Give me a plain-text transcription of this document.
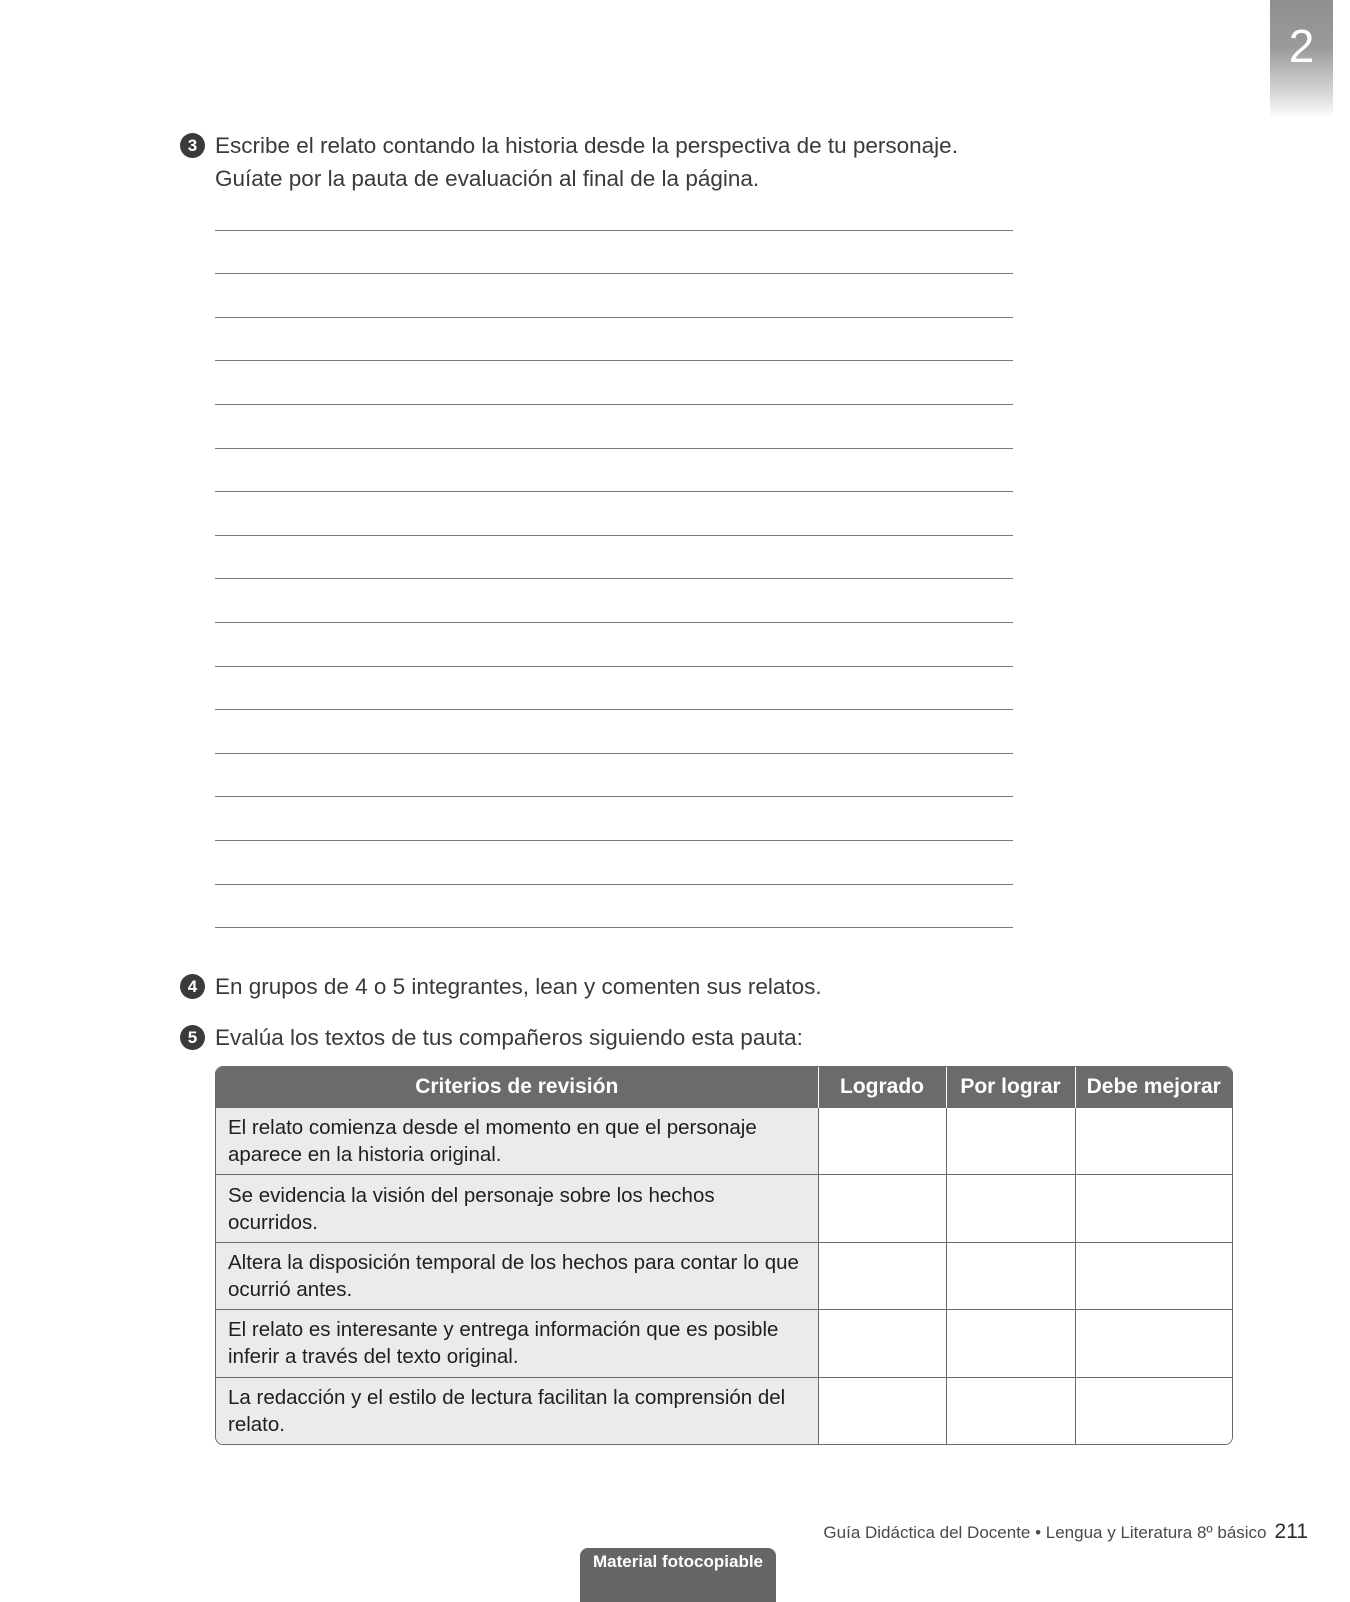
2
3 Escribe el relato contando la historia desde la perspectiva de tu personaje. Guíate por la pauta de evaluación al final de la página.
4 En grupos de 4 o 5 integrantes, lean y comenten sus relatos.
5 Evalúa los textos de tus compañeros siguiendo esta pauta:
Criterios de revisión	Logrado	Por lograr	Debe mejorar
El relato comienza desde el momento en que el personaje aparece en la historia original.			
Se evidencia la visión del personaje sobre los hechos ocurridos.			
Altera la disposición temporal de los hechos para contar lo que ocurrió antes.			
El relato es interesante y entrega información que es posible inferir a través del texto original.			
La redacción y el estilo de lectura facilitan la comprensión del relato.			
Guía Didáctica del Docente • Lengua y Literatura 8º básico 211
Material fotocopiable
